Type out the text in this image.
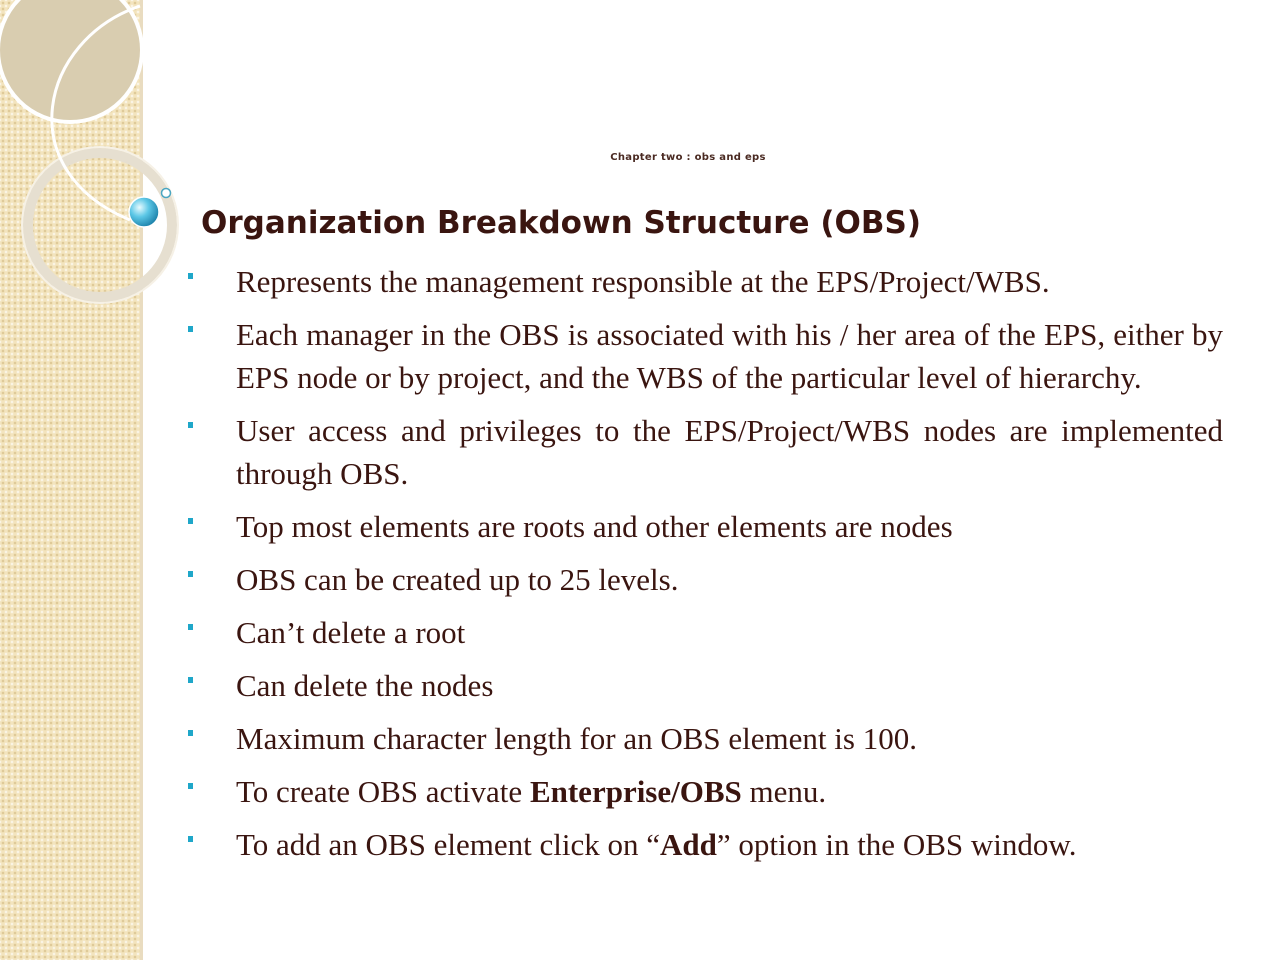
Chapter two : obs and eps
Organization Breakdown Structure (OBS)
Represents the management responsible at the EPS/Project/WBS.
Each manager in the OBS is associated with his / her area of the EPS, either by EPS node or by project, and the WBS of the particular level of hierarchy.
User access and privileges to the EPS/Project/WBS nodes are implemented through OBS.
Top most elements are roots and other elements are nodes
OBS can be created up to 25 levels.
Can’t delete a root
Can delete the nodes
Maximum character length for an OBS element is 100.
To create OBS activate Enterprise/OBS menu.
To add an OBS element click on “Add” option in the OBS window.
